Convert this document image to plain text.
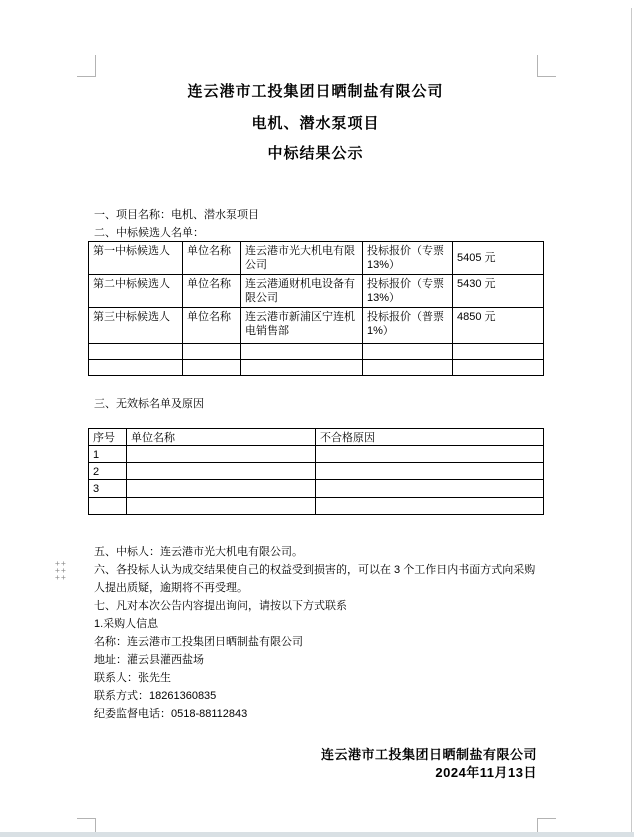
+ +
+ +
+ +
连云港市工投集团日晒制盐有限公司
电机、潜水泵项目
中标结果公示
一、项目名称：电机、潜水泵项目
二、中标候选人名单：
第一中标候选人	单位名称	连云港市光大机电有限公司	投标报价（专票13%）	5405 元
第二中标候选人	单位名称	连云港通财机电设备有限公司	投标报价（专票13%）	5430 元
第三中标候选人	单位名称	连云港市新浦区宁连机电销售部	投标报价（普票1%）	4850 元

三、无效标名单及原因
序号	单位名称	不合格原因
1		
2		
3		

五、中标人：连云港市光大机电有限公司。
六、各投标人认为成交结果使自己的权益受到损害的，可以在 3 个工作日内书面方式向采购人提出质疑，逾期将不再受理。
七、凡对本次公告内容提出询问，请按以下方式联系
1.采购人信息
名称：连云港市工投集团日晒制盐有限公司
地址：灌云县灌西盐场
联系人：张先生
联系方式：18261360835
纪委监督电话：0518-88112843
连云港市工投集团日晒制盐有限公司
2024年11月13日
